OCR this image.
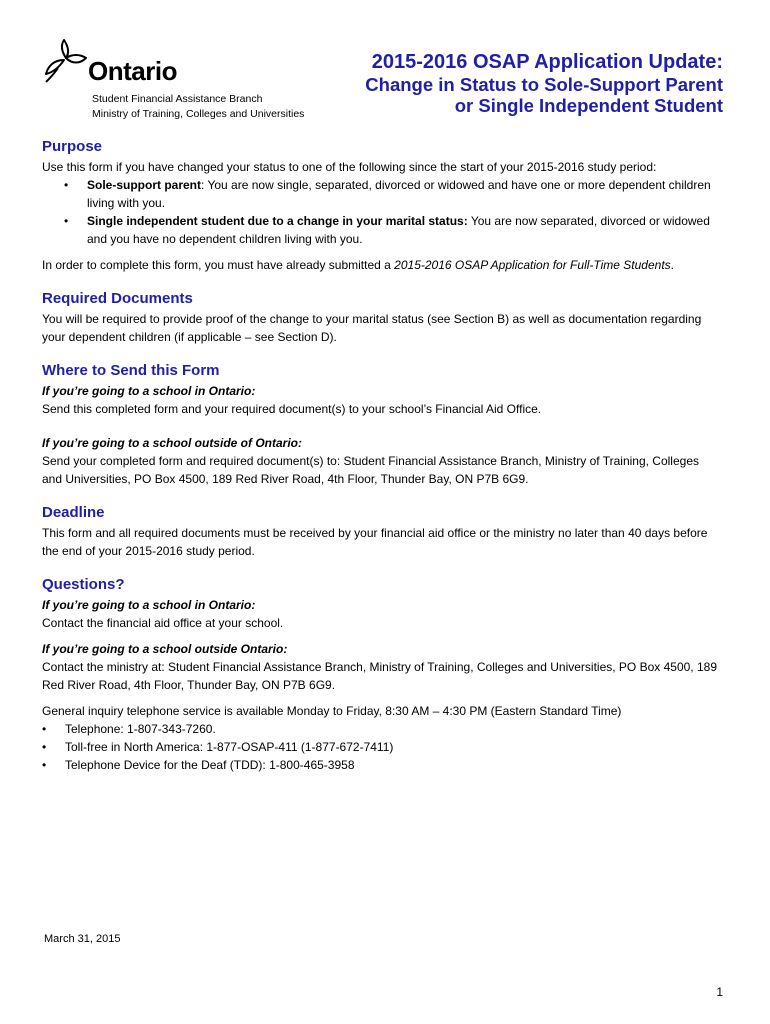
Ontario
Student Financial Assistance Branch
Ministry of Training, Colleges and Universities
2015-2016 OSAP Application Update:
Change in Status to Sole-Support Parent
or Single Independent Student
Purpose

Use this form if you have changed your status to one of the following since the start of your 2015-2016 study period:

• Sole-support parent: You are now single, separated, divorced or widowed and have one or more dependent children living with you.
• Single independent student due to a change in your marital status: You are now separated, divorced or widowed and you have no dependent children living with you.

In order to complete this form, you must have already submitted a 2015-2016 OSAP Application for Full-Time Students.

Required Documents

You will be required to provide proof of the change to your marital status (see Section B) as well as documentation regarding your dependent children (if applicable – see Section D).

Where to Send this Form

If you’re going to a school in Ontario:

Send this completed form and your required document(s) to your school’s Financial Aid Office.

If you’re going to a school outside of Ontario:

Send your completed form and required document(s) to: Student Financial Assistance Branch, Ministry of Training, Colleges and Universities, PO Box 4500, 189 Red River Road, 4th Floor, Thunder Bay, ON P7B 6G9.

Deadline

This form and all required documents must be received by your financial aid office or the ministry no later than 40 days before the end of your 2015-2016 study period.

Questions?

If you’re going to a school in Ontario:

Contact the financial aid office at your school.

If you’re going to a school outside Ontario:

Contact the ministry at: Student Financial Assistance Branch, Ministry of Training, Colleges and Universities, PO Box 4500, 189 Red River Road, 4th Floor, Thunder Bay, ON P7B 6G9.

General inquiry telephone service is available Monday to Friday, 8:30 AM – 4:30 PM (Eastern Standard Time)

• Telephone: 1-807-343-7260.
• Toll-free in North America: 1-877-OSAP-411 (1-877-672-7411)
• Telephone Device for the Deaf (TDD): 1-800-465-3958
March 31, 2015
1
